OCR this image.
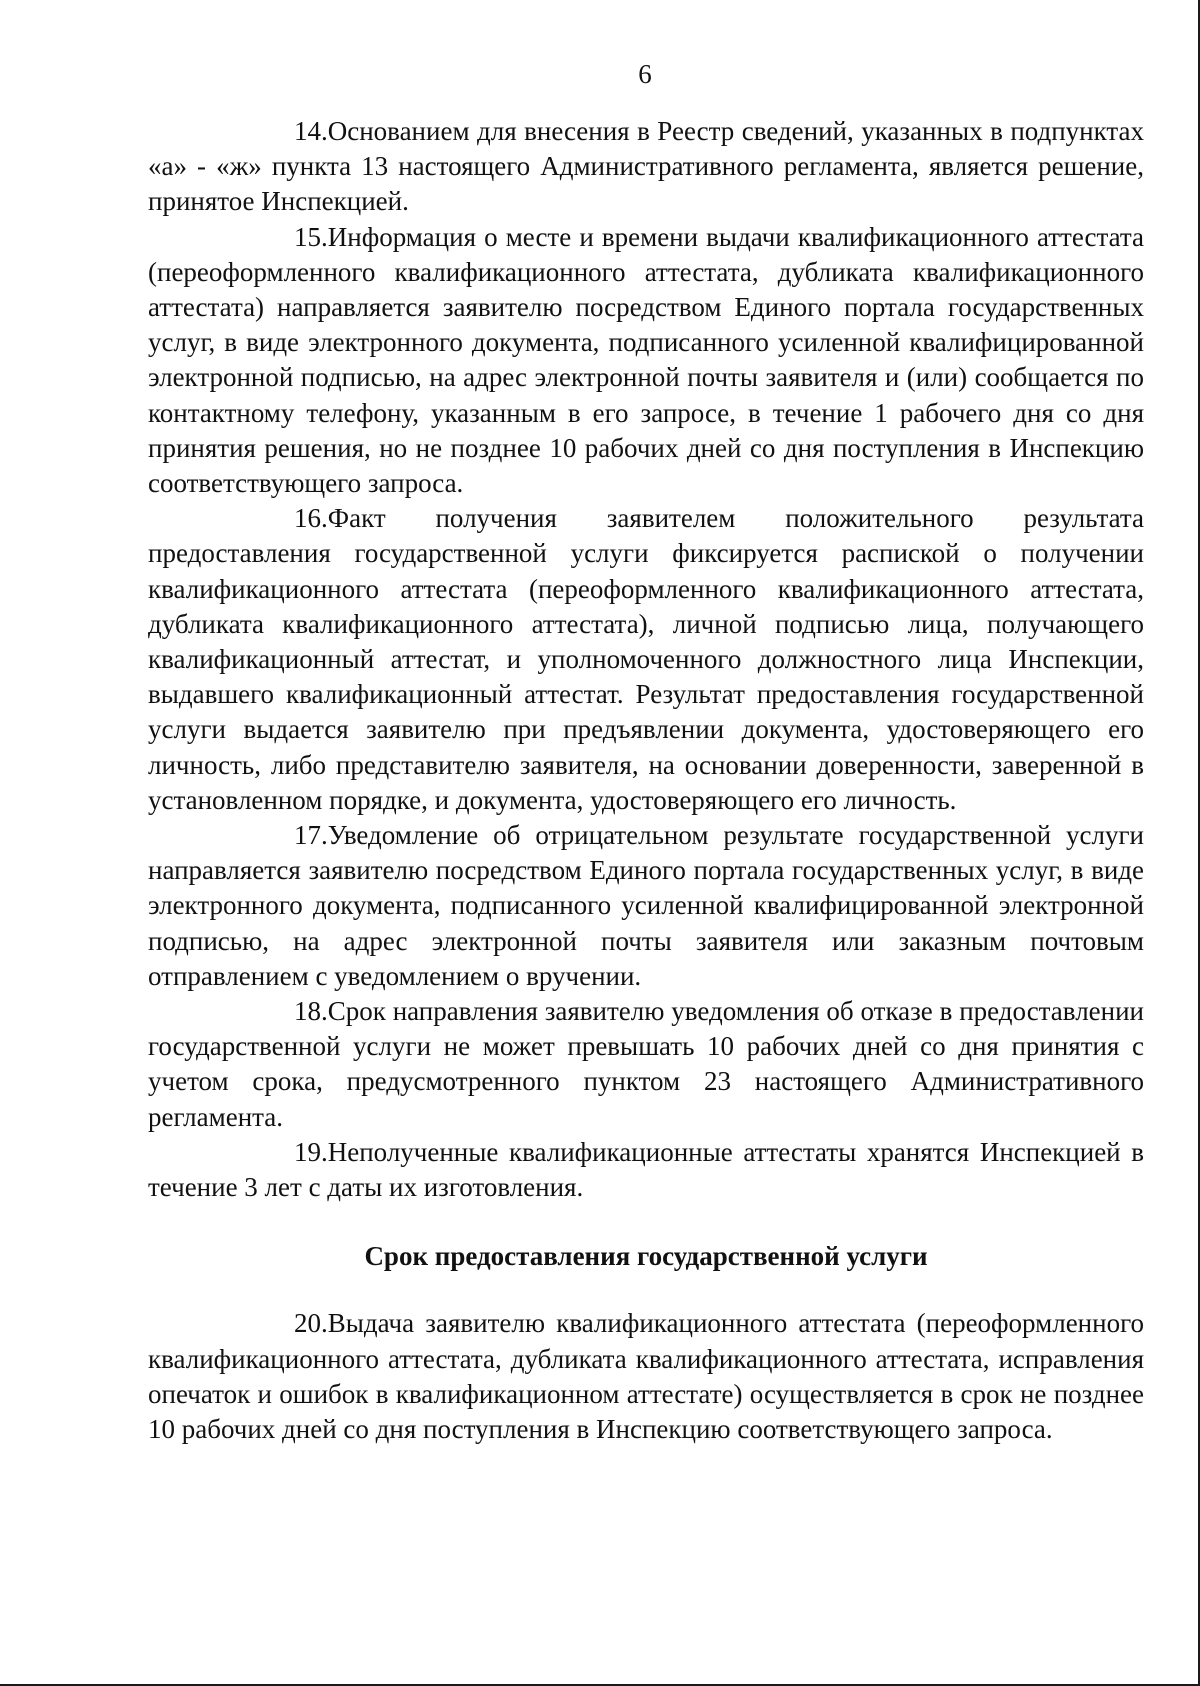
6

14.Основанием для внесения в Реестр сведений, указанных в подпунктах «а» - «ж» пункта 13 настоящего Административного регламента, является решение, принятое Инспекцией.

15.Информация о месте и времени выдачи квалификационного аттестата (переоформленного квалификационного аттестата, дубликата квалификационного аттестата) направляется заявителю посредством Единого портала государственных услуг, в виде электронного документа, подписанного усиленной квалифицированной электронной подписью, на адрес электронной почты заявителя и (или) сообщается по контактному телефону, указанным в его запросе, в течение 1 рабочего дня со дня принятия решения, но не позднее 10 рабочих дней со дня поступления в Инспекцию соответствующего запроса.

16.Факт получения заявителем положительного результата предоставления государственной услуги фиксируется распиской о получении квалификационного аттестата (переоформленного квалификационного аттестата, дубликата квалификационного аттестата), личной подписью лица, получающего квалификационный аттестат, и уполномоченного должностного лица Инспекции, выдавшего квалификационный аттестат. Результат предоставления государственной услуги выдается заявителю при предъявлении документа, удостоверяющего его личность, либо представителю заявителя, на основании доверенности, заверенной в установленном порядке, и документа, удостоверяющего его личность.

17.Уведомление об отрицательном результате государственной услуги направляется заявителю посредством Единого портала государственных услуг, в виде электронного документа, подписанного усиленной квалифицированной электронной подписью, на адрес электронной почты заявителя или заказным почтовым отправлением с уведомлением о вручении.

18.Срок направления заявителю уведомления об отказе в предоставлении государственной услуги не может превышать 10 рабочих дней со дня принятия с учетом срока, предусмотренного пунктом 23 настоящего Административного регламента.

19.Неполученные квалификационные аттестаты хранятся Инспекцией в течение 3 лет с даты их изготовления.

Срок предоставления государственной услуги

20.Выдача заявителю квалификационного аттестата (переоформленного квалификационного аттестата, дубликата квалификационного аттестата, исправления опечаток и ошибок в квалификационном аттестате) осуществляется в срок не позднее 10 рабочих дней со дня поступления в Инспекцию соответствующего запроса.
